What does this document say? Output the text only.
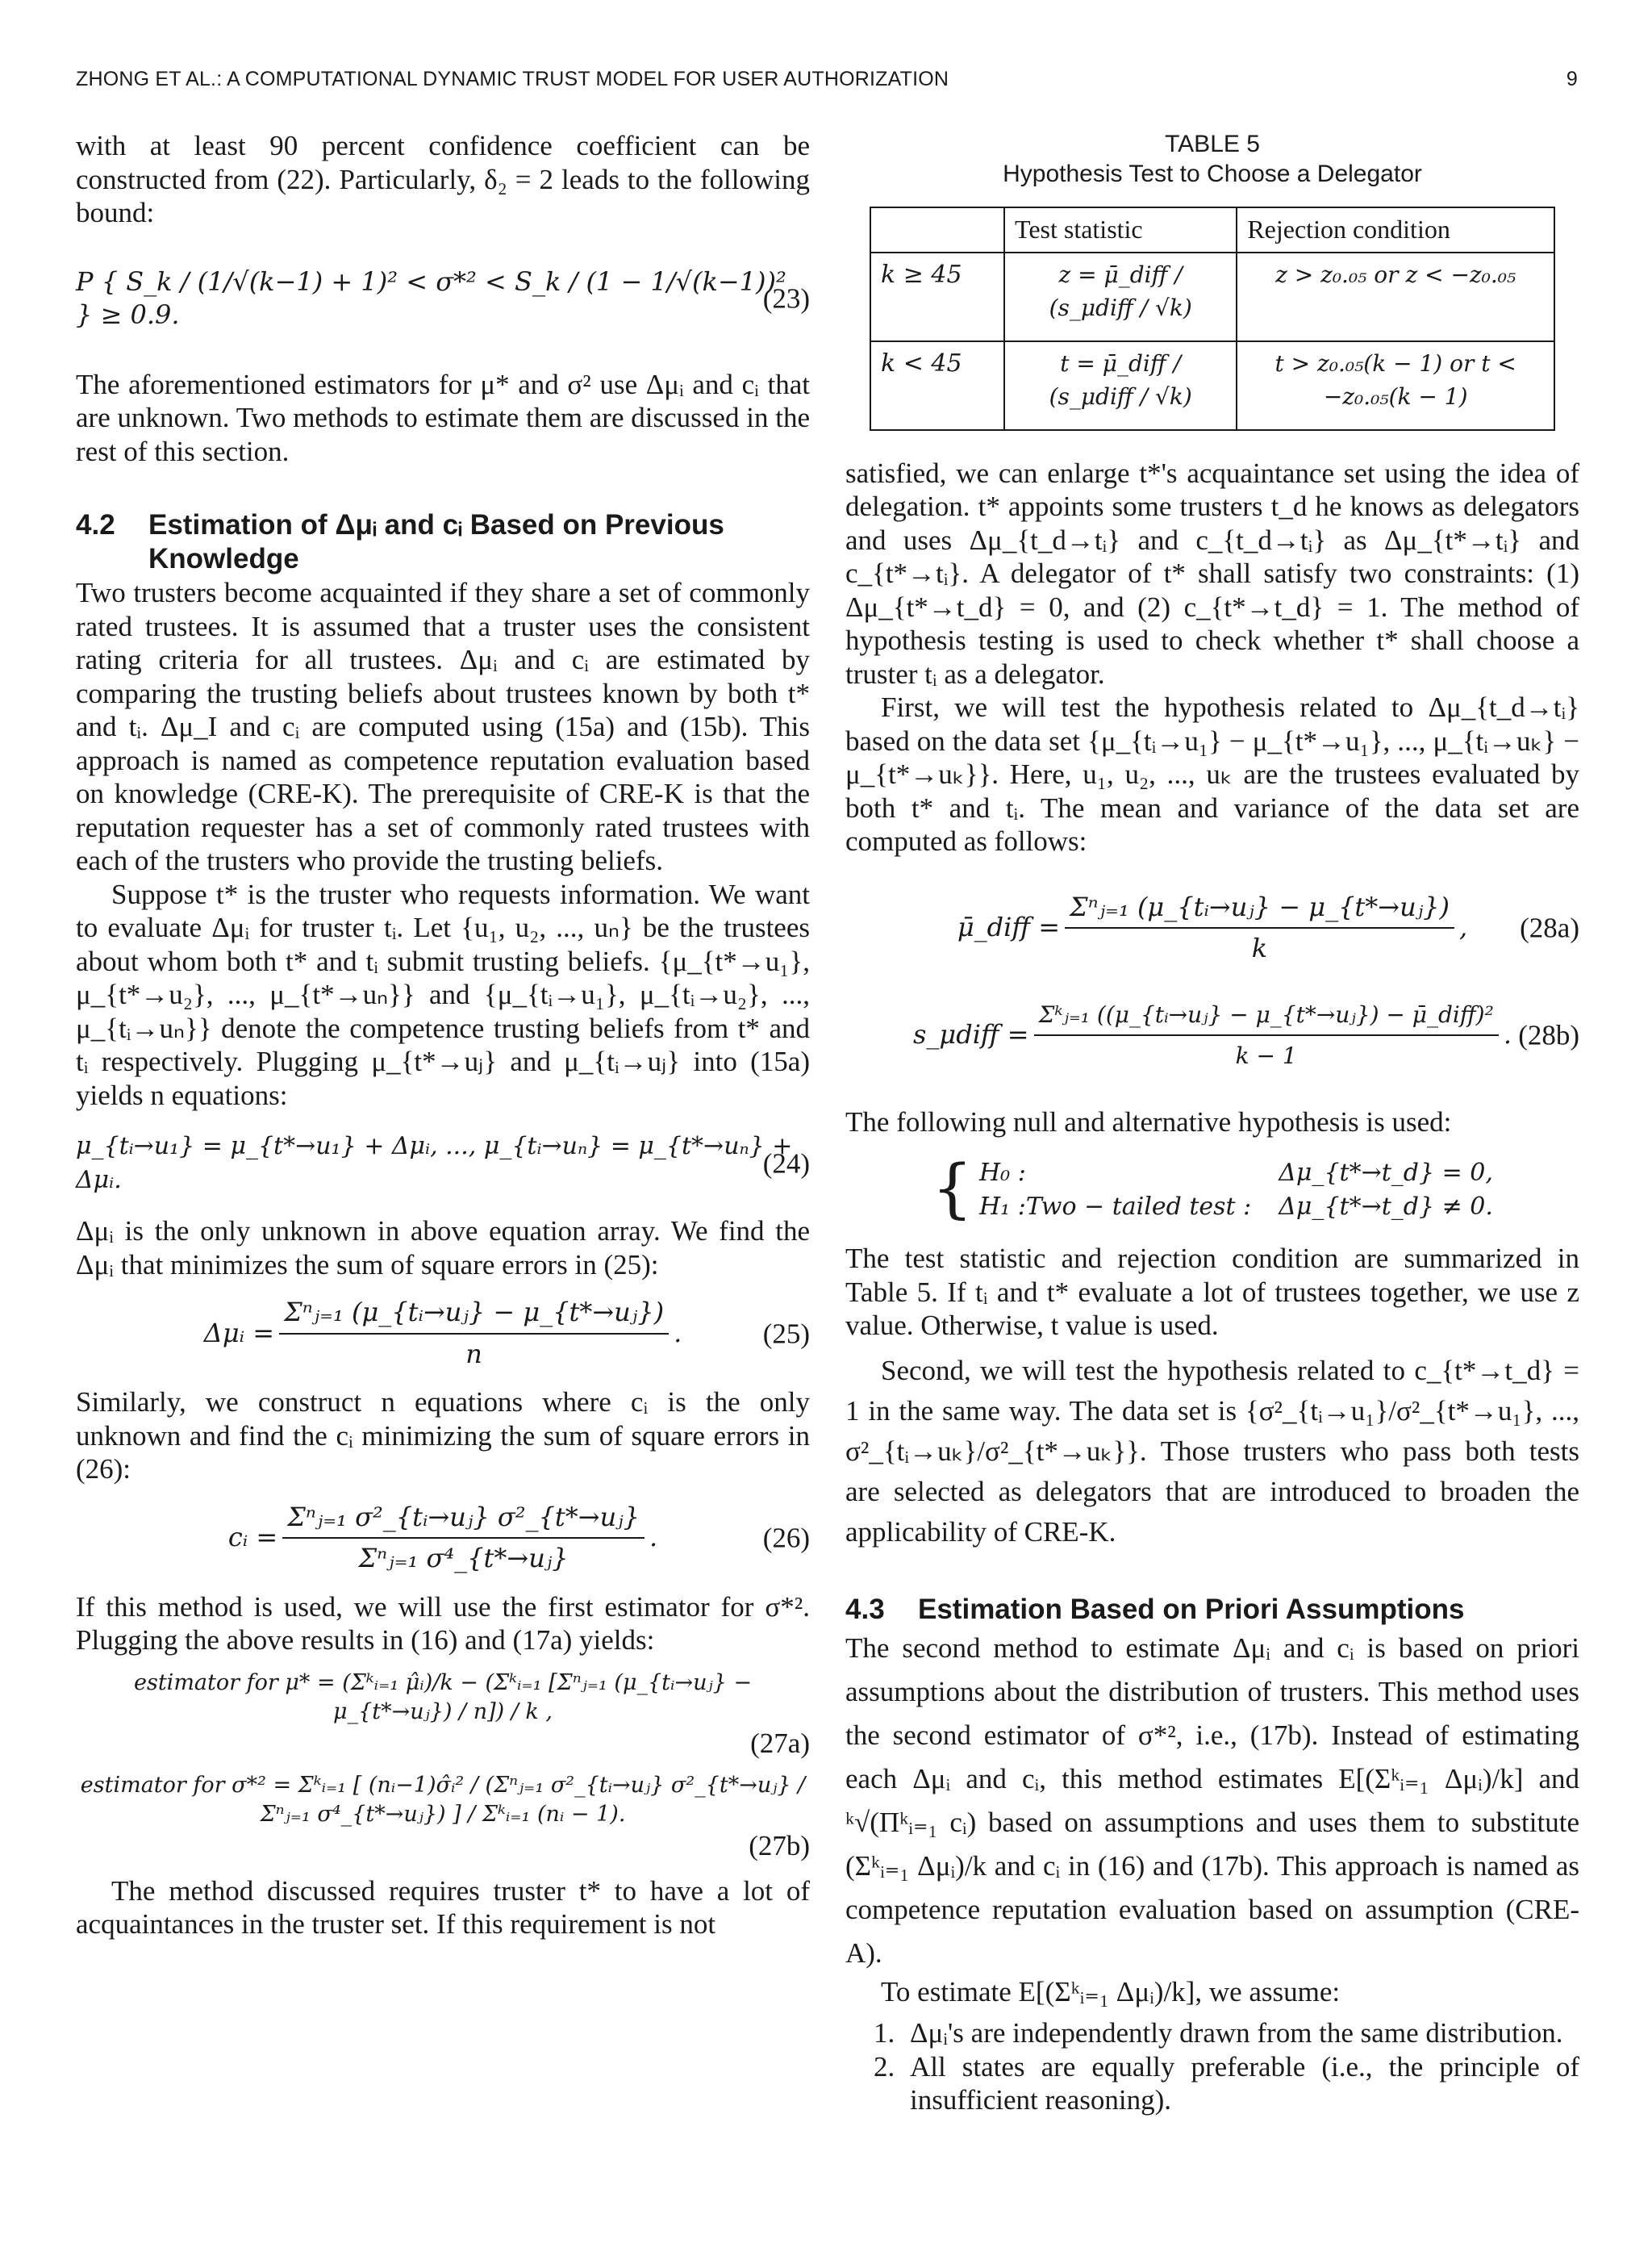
ZHONG ET AL.: A COMPUTATIONAL DYNAMIC TRUST MODEL FOR USER AUTHORIZATION	9

with at least 90 percent confidence coefficient can be constructed from (22). Particularly, δ₂ = 2 leads to the following bound:

P { S_k / (1/√(k−1) + 1)² < σ*² < S_k / (1 − 1/√(k−1))² } ≥ 0.9.
(23)

The aforementioned estimators for μ* and σ² use Δμᵢ and cᵢ that are unknown. Two methods to estimate them are discussed in the rest of this section.

4.2 Estimation of Δμᵢ and cᵢ Based on Previous Knowledge

Two trusters become acquainted if they share a set of commonly rated trustees. It is assumed that a truster uses the consistent rating criteria for all trustees. Δμᵢ and cᵢ are estimated by comparing the trusting beliefs about trustees known by both t* and tᵢ. Δμ_I and cᵢ are computed using (15a) and (15b). This approach is named as competence reputation evaluation based on knowledge (CRE-K). The prerequisite of CRE-K is that the reputation requester has a set of commonly rated trustees with each of the trusters who provide the trusting beliefs.

Suppose t* is the truster who requests information. We want to evaluate Δμᵢ for truster tᵢ. Let {u₁, u₂, ..., uₙ} be the trustees about whom both t* and tᵢ submit trusting beliefs. {μ_{t*→u₁}, μ_{t*→u₂}, ..., μ_{t*→uₙ}} and {μ_{tᵢ→u₁}, μ_{tᵢ→u₂}, ..., μ_{tᵢ→uₙ}} denote the competence trusting beliefs from t* and tᵢ respectively. Plugging μ_{t*→uⱼ} and μ_{tᵢ→uⱼ} into (15a) yields n equations:

μ_{tᵢ→u₁} = μ_{t*→u₁} + Δμᵢ, ..., μ_{tᵢ→uₙ} = μ_{t*→uₙ} + Δμᵢ.
(24)

Δμᵢ is the only unknown in above equation array. We find the Δμᵢ that minimizes the sum of square errors in (25):

Δμᵢ = $\frac{\text{Σⁿⱼ₌₁ (μ\_\{tᵢ→uⱼ\} − μ\_\{t*→uⱼ\})}}{n}$ .	(25)

Similarly, we construct n equations where cᵢ is the only unknown and find the cᵢ minimizing the sum of square errors in (26):

cᵢ = $\frac{\text{Σⁿⱼ₌₁ σ²\_\{tᵢ→uⱼ\} σ²\_\{t*→uⱼ\}}}{\text{Σⁿⱼ₌₁ σ⁴\_\{t*→uⱼ\}}}$ .	(26)

If this method is used, we will use the first estimator for σ*². Plugging the above results in (16) and (17a) yields:

estimator for μ* = (Σᵏᵢ₌₁ μ̂ᵢ)/k − (Σᵏᵢ₌₁ [Σⁿⱼ₌₁ (μ_{tᵢ→uⱼ} − μ_{t*→uⱼ}) / n]) / k ,
(27a)
estimator for σ*² = Σᵏᵢ₌₁ [ (nᵢ−1)σ̂ᵢ² / (Σⁿⱼ₌₁ σ²_{tᵢ→uⱼ} σ²_{t*→uⱼ} / Σⁿⱼ₌₁ σ⁴_{t*→uⱼ}) ] / Σᵏᵢ₌₁ (nᵢ − 1).
(27b)

The method discussed requires truster t* to have a lot of acquaintances in the truster set. If this requirement is not

TABLE 5
Hypothesis Test to Choose a Delegator
	Test statistic	Rejection condition
k ≥ 45	z = μ̄_diff / (s_μdiff / √k)	z > z₀.₀₅ or z < −z₀.₀₅
k < 45	t = μ̄_diff / (s_μdiff / √k)	t > z₀.₀₅(k − 1) or t < −z₀.₀₅(k − 1)

satisfied, we can enlarge t*'s acquaintance set using the idea of delegation. t* appoints some trusters t_d he knows as delegators and uses Δμ_{t_d→tᵢ} and c_{t_d→tᵢ} as Δμ_{t*→tᵢ} and c_{t*→tᵢ}. A delegator of t* shall satisfy two constraints: (1) Δμ_{t*→t_d} = 0, and (2) c_{t*→t_d} = 1. The method of hypothesis testing is used to check whether t* shall choose a truster tᵢ as a delegator.

First, we will test the hypothesis related to Δμ_{t_d→tᵢ} based on the data set {μ_{tᵢ→u₁} − μ_{t*→u₁}, ..., μ_{tᵢ→uₖ} − μ_{t*→uₖ}}. Here, u₁, u₂, ..., uₖ are the trustees evaluated by both t* and tᵢ. The mean and variance of the data set are computed as follows:

μ̄_diff = $\frac{\text{Σⁿⱼ₌₁ (μ\_\{tᵢ→uⱼ\} − μ\_\{t*→uⱼ\})}}{k}$ , (28a)
s_μdiff = $\frac{\text{Σᵏⱼ₌₁ ((μ\_\{tᵢ→uⱼ\} − μ\_\{t*→uⱼ\}) − μ̄\_diff)²}}{k - 1}$ . (28b)

The following null and alternative hypothesis is used:

{ H₀ :	Δμ_{t*→t_d} = 0,
H₁ :Two − tailed test : Δμ_{t*→t_d} ≠ 0.

The test statistic and rejection condition are summarized in Table 5. If tᵢ and t* evaluate a lot of trustees together, we use z value. Otherwise, t value is used.

Second, we will test the hypothesis related to c_{t*→t_d} = 1 in the same way. The data set is {σ²_{tᵢ→u₁}/σ²_{t*→u₁}, ..., σ²_{tᵢ→uₖ}/σ²_{t*→uₖ}}. Those trusters who pass both tests are selected as delegators that are introduced to broaden the applicability of CRE-K.

4.3 Estimation Based on Priori Assumptions

The second method to estimate Δμᵢ and cᵢ is based on priori assumptions about the distribution of trusters. This method uses the second estimator of σ*², i.e., (17b). Instead of estimating each Δμᵢ and cᵢ, this method estimates E[(Σᵏᵢ₌₁ Δμᵢ)/k] and ᵏ√(Πᵏᵢ₌₁ cᵢ) based on assumptions and uses them to substitute (Σᵏᵢ₌₁ Δμᵢ)/k and cᵢ in (16) and (17b). This approach is named as competence reputation evaluation based on assumption (CRE-A).

To estimate E[(Σᵏᵢ₌₁ Δμᵢ)/k], we assume:

1. Δμᵢ's are independently drawn from the same distribution.
2. All states are equally preferable (i.e., the principle of insufficient reasoning).
